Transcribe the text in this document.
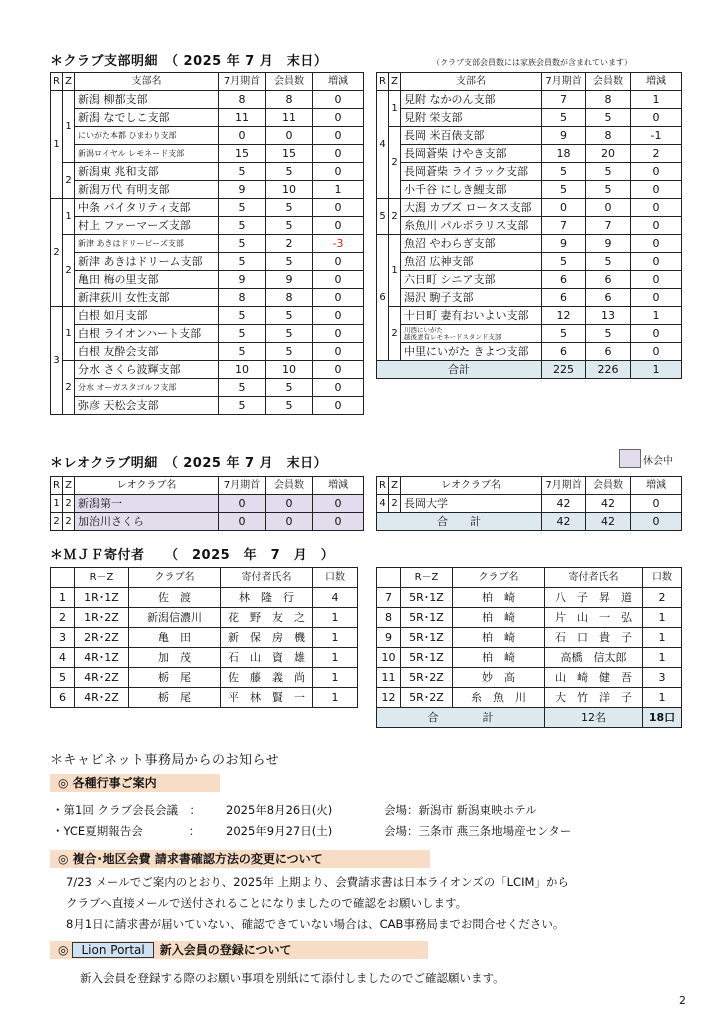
＊クラブ支部明細　（ 2025 年 7 月　末日）	（クラブ支部会員数には家族会員数が含まれています）
R	Z	支部名	7月期首	会員数	増減
1	1	新潟 柳都支部	8	8	0
		新潟 なでしこ支部	11	11	0
		にいがた本都 ひまわり支部	0	0	0
		新潟ロイヤル レモネード支部	15	15	0
	2	新潟東 兆和支部	5	5	0
		新潟万代 有明支部	9	10	1
2	1	中条 バイタリティ支部	5	5	0
		村上 ファーマーズ支部	5	5	0
	2	新津 あきはドリーピーズ支部	5	2	-3
		新津 あきはドリーム支部	5	5	0
		亀田 梅の里支部	9	9	0
		新津荻川 女性支部	8	8	0
3	1	白根 如月支部	5	5	0
		白根 ライオンハート支部	5	5	0
		白根 友酔会支部	5	5	0
	2	分水 さくら波輝支部	10	10	0
		分水 オーガスタゴルフ支部	5	5	0
		弥彦 天松会支部	5	5	0
R	Z	支部名	7月期首	会員数	増減
4	1	見附 なかのん支部	7	8	1
		見附 栄支部	5	5	0
	2	長岡 米百俵支部	9	8	-1
		長岡蒼柴 けやき支部	18	20	2
		長岡蒼柴 ライラック支部	5	5	0
		小千谷 にしき鯉支部	5	5	0
5	2	大潟 カブズ ロータス支部	0	0	0
		糸魚川 パルポラリス支部	7	7	0
6	1	魚沼 やわらぎ支部	9	9	0
		魚沼 広神支部	5	5	0
		六日町 シニア支部	6	6	0
		湯沢 駒子支部	6	6	0
	2	十日町 妻有おいよい支部	12	13	1

		川西にいがた
越後妻有レモネードスタンド支部	5	5	0
		中里にいがた きよつ支部	6	6	0
合計			225	226	1
＊レオクラブ明細　（ 2025 年 7 月　末日）	休会中
R	Z	レオクラブ名	7月期首	会員数	増減
1	2	新潟第一	0	0	0
2	2	加治川さくら	0	0	0
R	Z	レオクラブ名	7月期首	会員数	増減
4	2	長岡大学	42	42	0
合　　計			42	42	0
＊ＭＪＦ寄付者　　（　2025　年　7　月　）
	R－Z	クラブ名	寄付者氏名	口数
1	1R･1Z	佐　渡	林　隆　行	4
2	1R･2Z	新潟信濃川	花　野　友　之	1
3	2R･2Z	亀　田	新　保　房　機	1
4	4R･1Z	加　茂	石　山　資　雄	1
5	4R･2Z	栃　尾	佐　藤　義　尚	1
6	4R･2Z	栃　尾	平　林　賢　一	1
	R－Z	クラブ名	寄付者氏名	口数
7	5R･1Z	柏　崎	八　子　昇　道	2
8	5R･1Z	柏　崎	片　山　一　弘	1
9	5R･1Z	柏　崎	石　口　貴　子	1
10	5R･1Z	柏　崎	高橋　信太郎	1
11	5R･2Z	妙　高	山　崎　健　吾	3
12	5R･2Z	糸　魚　川	大　竹　洋　子	1
合　　　　計			12名	18口
＊キャビネット事務局からのお知らせ
◎ 各種行事ご案内
・第1回 クラブ会長会議　： 2025年8月26日(火)	会場：新潟市 新潟東映ホテル
・YCE夏期報告会　　　　： 2025年9月27日(土)	会場：三条市 燕三条地場産センター
◎ 複合･地区会費 請求書確認方法の変更について
7/23 メールでご案内のとおり、2025年 上期より、会費請求書は日本ライオンズの「LCIM」から
クラブへ直接メールで送付されることになりましたので確認をお願いします。
8月1日に請求書が届いていない、確認できていない場合は、CAB事務局までお問合せください。
◎ Lion Portal 新入会員の登録について
新入会員を登録する際のお願い事項を別紙にて添付しましたのでご確認願います。
2
